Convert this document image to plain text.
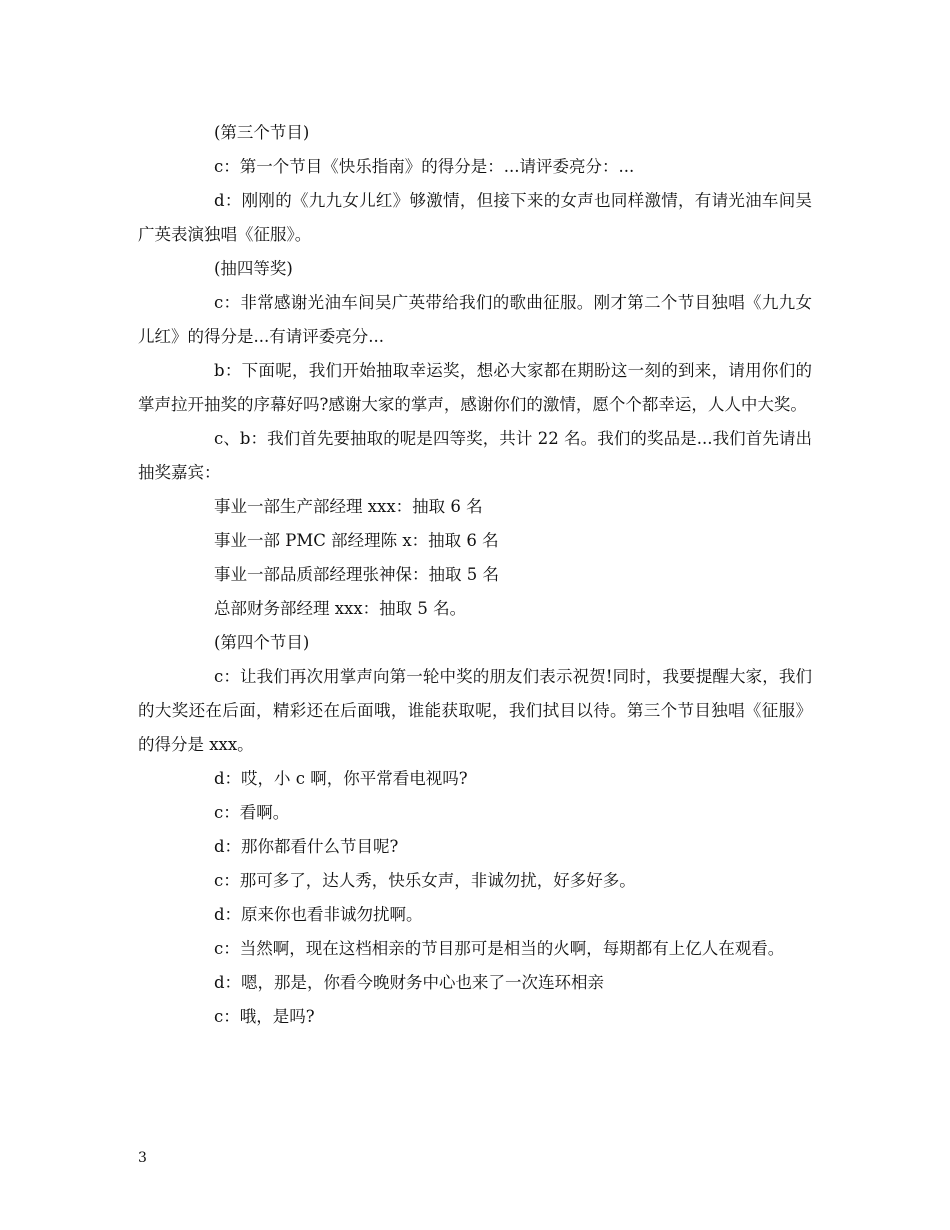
(第三个节目)

c：第一个节目《快乐指南》的得分是：...请评委亮分：...

d：刚刚的《九九女儿红》够激情，但接下来的女声也同样激情，有请光油车间吴广英表演独唱《征服》。

(抽四等奖)

c：非常感谢光油车间吴广英带给我们的歌曲征服。刚才第二个节目独唱《九九女儿红》的得分是...有请评委亮分...

b：下面呢，我们开始抽取幸运奖，想必大家都在期盼这一刻的到来，请用你们的掌声拉开抽奖的序幕好吗?感谢大家的掌声，感谢你们的激情，愿个个都幸运，人人中大奖。

c、b：我们首先要抽取的呢是四等奖，共计 22 名。我们的奖品是...我们首先请出抽奖嘉宾：

事业一部生产部经理 xxx：抽取 6 名

事业一部 PMC 部经理陈 x：抽取 6 名

事业一部品质部经理张神保：抽取 5 名

总部财务部经理 xxx：抽取 5 名。

(第四个节目)

c：让我们再次用掌声向第一轮中奖的朋友们表示祝贺!同时，我要提醒大家，我们的大奖还在后面，精彩还在后面哦，谁能获取呢，我们拭目以待。第三个节目独唱《征服》的得分是 xxx。

d：哎，小 c 啊，你平常看电视吗?

c：看啊。

d：那你都看什么节目呢?

c：那可多了，达人秀，快乐女声，非诚勿扰，好多好多。

d：原来你也看非诚勿扰啊。

c：当然啊，现在这档相亲的节目那可是相当的火啊，每期都有上亿人在观看。

d：嗯，那是，你看今晚财务中心也来了一次连环相亲

c：哦，是吗?

3
